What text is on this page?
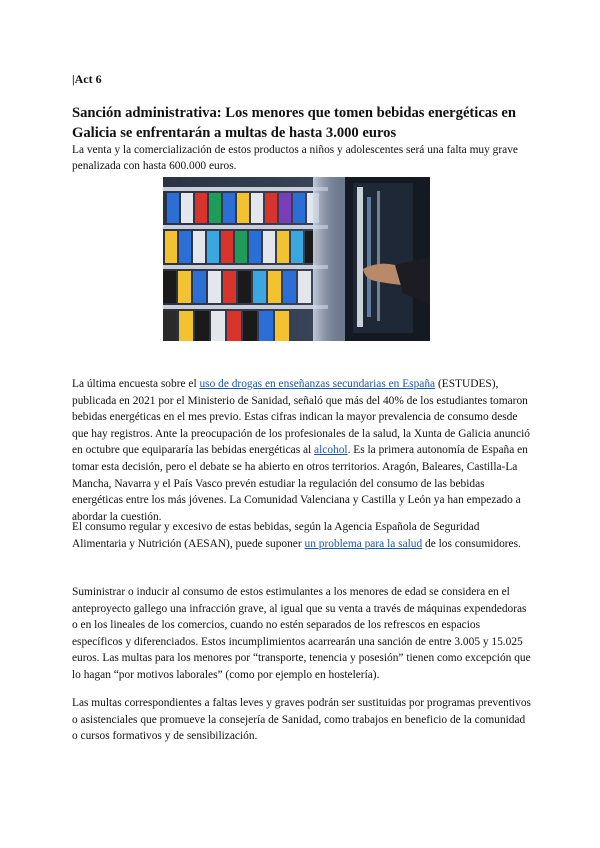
|Act 6
Sanción administrativa: Los menores que tomen bebidas energéticas en Galicia se enfrentarán a multas de hasta 3.000 euros

La venta y la comercialización de estos productos a niños y adolescentes será una falta muy grave penalizada con hasta 600.000 euros.

La última encuesta sobre el uso de drogas en enseñanzas secundarias en España (ESTUDES), publicada en 2021 por el Ministerio de Sanidad, señaló que más del 40% de los estudiantes tomaron bebidas energéticas en el mes previo. Estas cifras indican la mayor prevalencia de consumo desde que hay registros. Ante la preocupación de los profesionales de la salud, la Xunta de Galicia anunció en octubre que equipararía las bebidas energéticas al alcohol. Es la primera autonomía de España en tomar esta decisión, pero el debate se ha abierto en otros territorios. Aragón, Baleares, Castilla-La Mancha, Navarra y el País Vasco prevén estudiar la regulación del consumo de las bebidas energéticas entre los más jóvenes. La Comunidad Valenciana y Castilla y León ya han empezado a abordar la cuestión.

El consumo regular y excesivo de estas bebidas, según la Agencia Española de Seguridad Alimentaria y Nutrición (AESAN), puede suponer un problema para la salud de los consumidores.

Suministrar o inducir al consumo de estos estimulantes a los menores de edad se considera en el anteproyecto gallego una infracción grave, al igual que su venta a través de máquinas expendedoras o en los lineales de los comercios, cuando no estén separados de los refrescos en espacios específicos y diferenciados. Estos incumplimientos acarrearán una sanción de entre 3.005 y 15.025 euros. Las multas para los menores por “transporte, tenencia y posesión” tienen como excepción que lo hagan “por motivos laborales” (como por ejemplo en hostelería).

Las multas correspondientes a faltas leves y graves podrán ser sustituidas por programas preventivos o asistenciales que promueve la consejería de Sanidad, como trabajos en beneficio de la comunidad o cursos formativos y de sensibilización.
